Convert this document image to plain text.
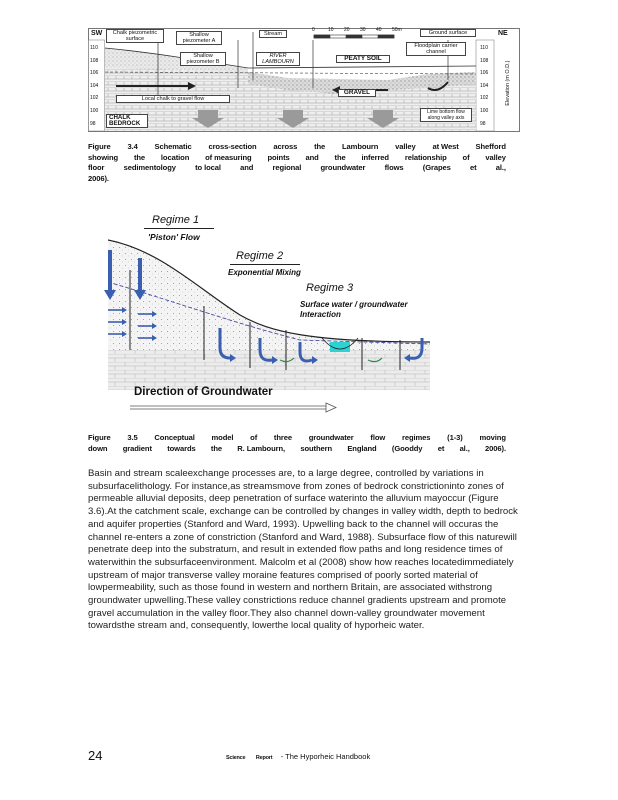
SW	NE
Chalk piezometric
surface
Shallow
piezometer A
Shallow
piezometer B
Stream
RIVER
LAMBOURN
PEATY SOIL
Floodplain carrier
channel
Ground surface
GRAVEL
Local chalk to gravel flow
CHALK
BEDROCK
Lime bottom flow
along valley axis
0	10 20 30 40 50m
110
108
106
104
102
100
98
110
108
106
104
102
100
98
Elevation (m O.D.)
Figure 3.4 Schematic cross-section across the Lambourn valley at West Shefford
showing the location of measuring points and the inferred relationship of valley
floor	sedimentology	to local	and	regional	groundwater	flows	(Grapes	et	al.,
2006).
Regime 1
'Piston' Flow
Regime 2
Exponential Mixing
Regime 3
Surface water / groundwater
Interaction
Direction of Groundwater
Figure 3.5 Conceptual model of three groundwater flow regimes (1-3) moving
down gradient towards the R. Lambourn, southern England (Gooddy et al., 2006).

Basin and stream scaleexchange processes are, to a large degree, controlled by variations in subsurfacelithology. For instance,as streamsmove from zones of bedrock constrictioninto zones of permeable alluvial deposits, deep penetration of surface waterinto the alluvium mayoccur (Figure 3.6).At the catchment scale, exchange can be controlled by changes in valley width, depth to bedrock and aquifer properties (Stanford and Ward, 1993). Upwelling back to the channel will occuras the channel re-enters a zone of constriction (Stanford and Ward, 1988). Subsurface flow of this naturewill penetrate deep into the substratum, and result in extended flow paths and long residence times of waterwithin the subsurfaceenvironment. Malcolm et al (2008) show how reaches locatedimmediately upstream of major transverse valley moraine features comprised of poorly sorted material of lowpermeability, such as those found in western and northern Britain, are associated withstrong groundwater upwelling.These valley constrictions reduce channel gradients upstream and promote gravel accumulation in the valley floor.They also channel down-valley groundwater movement towardsthe stream and, consequently, lowerthe local quality of hyporheic water.

24	Science Report - The Hyporheic Handbook
